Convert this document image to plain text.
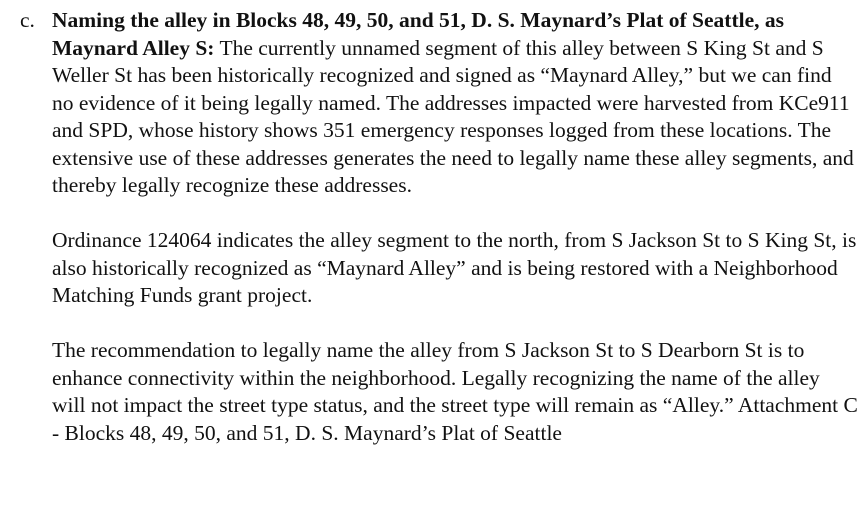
c. Naming the alley in Blocks 48, 49, 50, and 51, D. S. Maynard’s Plat of Seattle, as Maynard Alley S: The currently unnamed segment of this alley between S King St and S Weller St has been historically recognized and signed as “Maynard Alley,” but we can find no evidence of it being legally named. The addresses impacted were harvested from KCe911 and SPD, whose history shows 351 emergency responses logged from these locations. The extensive use of these addresses generates the need to legally name these alley segments, and thereby legally recognize these addresses.

Ordinance 124064 indicates the alley segment to the north, from S Jackson St to S King St, is also historically recognized as “Maynard Alley” and is being restored with a Neighborhood Matching Funds grant project.

The recommendation to legally name the alley from S Jackson St to S Dearborn St is to enhance connectivity within the neighborhood. Legally recognizing the name of the alley will not impact the street type status, and the street type will remain as “Alley.” Attachment C - Blocks 48, 49, 50, and 51, D. S. Maynard’s Plat of Seattle
